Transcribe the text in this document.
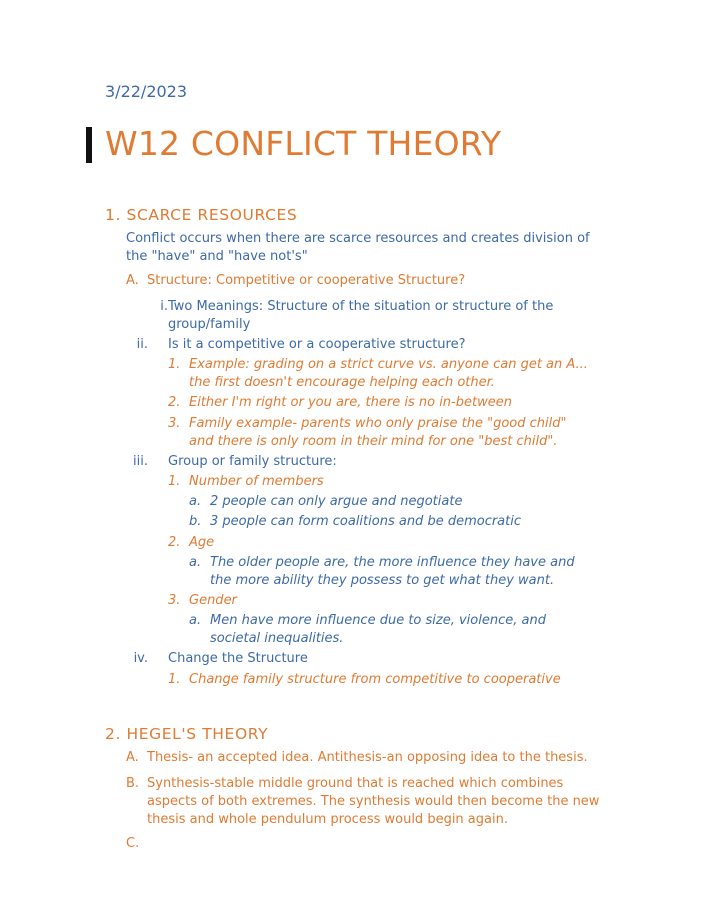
3/22/2023
W12 CONFLICT THEORY
1. SCARCE RESOURCES
Conflict occurs when there are scarce resources and creates division of the "have" and "have not's"
A. Structure: Competitive or cooperative Structure?
i. Two Meanings: Structure of the situation or structure of the group/family
ii.	Is it a competitive or a cooperative structure?
1. Example: grading on a strict curve vs. anyone can get an A... the first doesn't encourage helping each other.
2. Either I'm right or you are, there is no in-between
3. Family example- parents who only praise the "good child" and there is only room in their mind for one "best child".
iii.	Group or family structure:
1. Number of members
a. 2 people can only argue and negotiate
b. 3 people can form coalitions and be democratic
2. Age
a. The older people are, the more influence they have and the more ability they possess to get what they want.
3. Gender
a. Men have more influence due to size, violence, and societal inequalities.
iv.	Change the Structure
1. Change family structure from competitive to cooperative
2. HEGEL'S THEORY
A. Thesis- an accepted idea. Antithesis-an opposing idea to the thesis.
B. Synthesis-stable middle ground that is reached which combines aspects of both extremes. The synthesis would then become the new thesis and whole pendulum process would begin again.
C.
